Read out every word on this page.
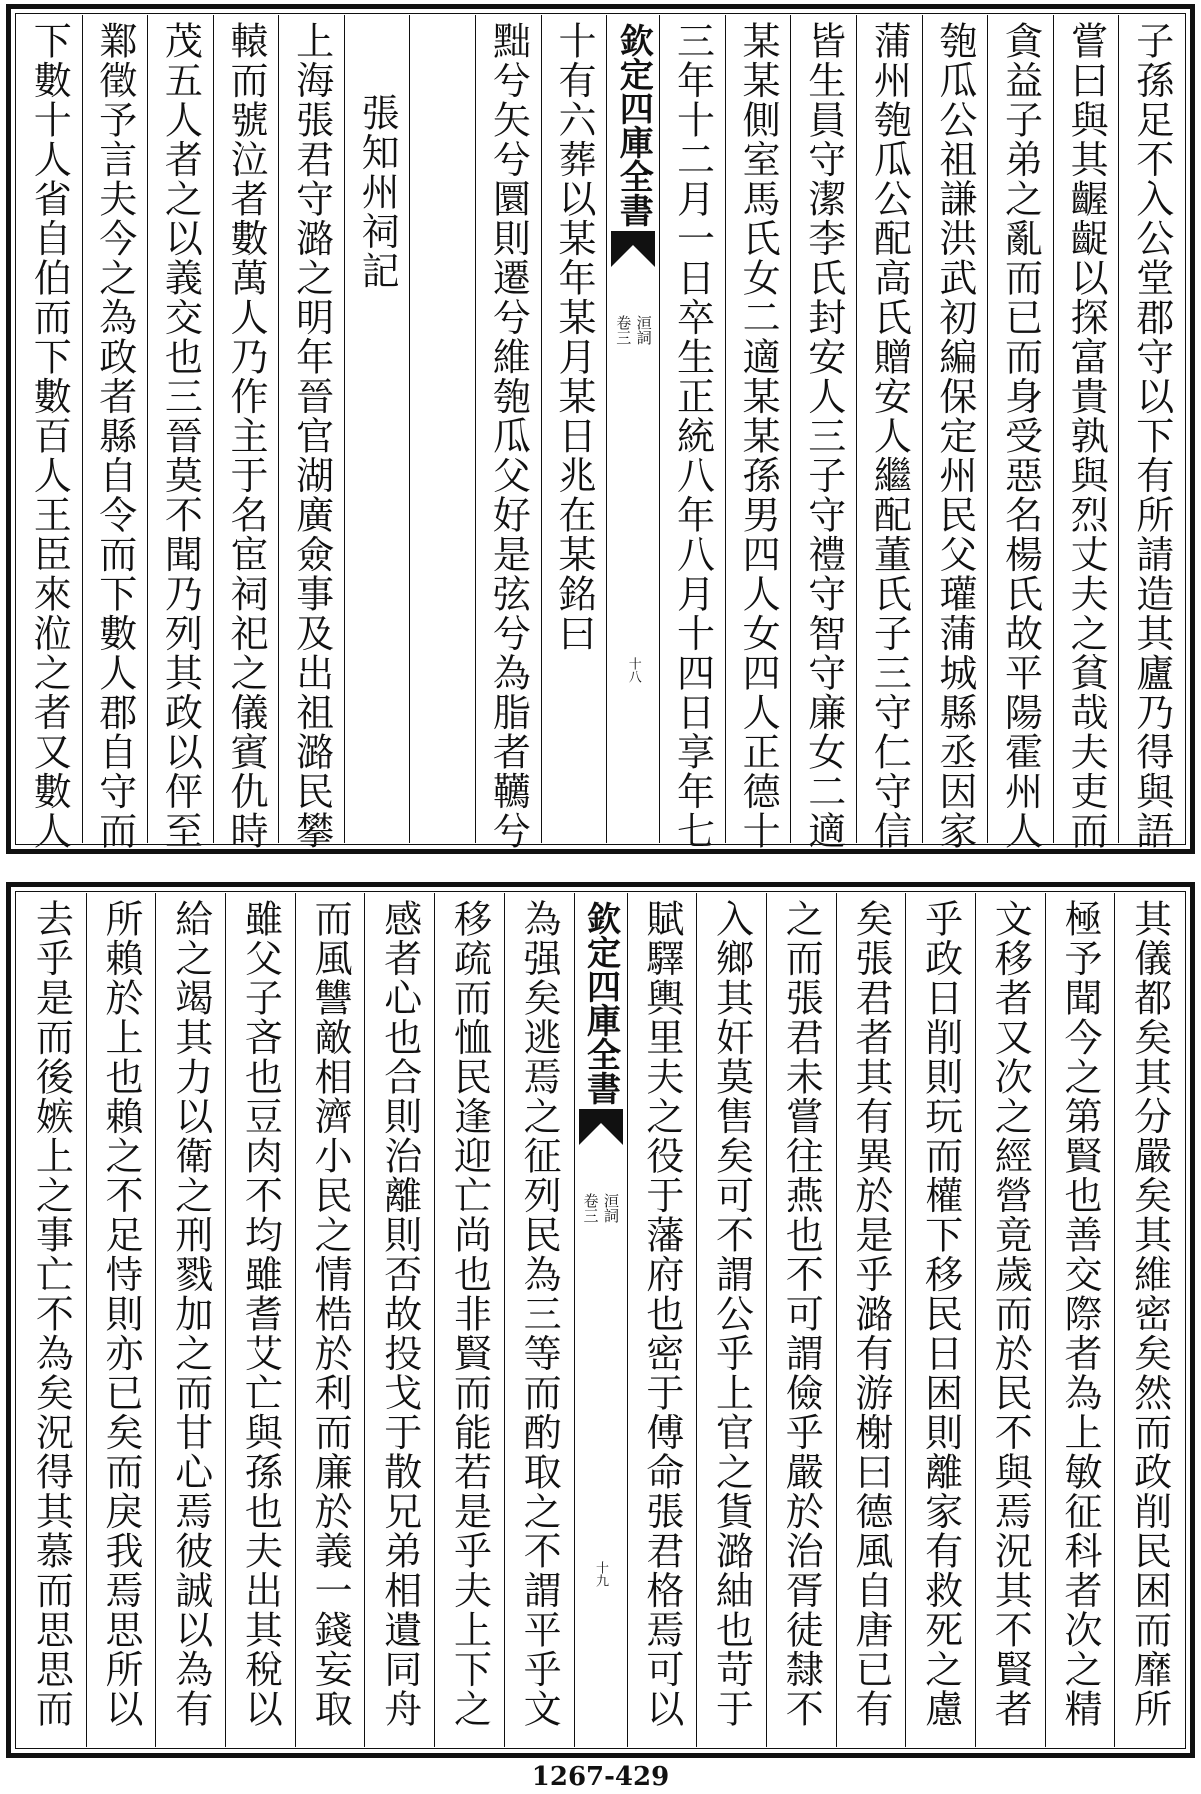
子孫足不入公堂郡守以下有所請造其廬乃得與語
嘗曰與其齷齪以探富貴孰與烈丈夫之貧哉夫吏而
貪益子弟之亂而已而身受惡名楊氏故平陽霍州人
匏瓜公祖謙洪武初編保定州民父瓘蒲城縣丞因家
蒲州匏瓜公配高氏贈安人繼配董氏子三守仁守信
皆生員守潔李氏封安人三子守禮守智守廉女二適
某某側室馬氏女二適某某孫男四人女四人正德十
三年十二月一日卒生正統八年八月十四日享年七
欽定四庫全書
洹詞
卷三
十八
十有六葬以某年某月某日兆在某銘曰
黜兮矢兮圜則遷兮維匏瓜父好是弦兮為脂者韉兮
張知州祠記
上海張君守潞之明年晉官湖廣僉事及出祖潞民攀
轅而號泣者數萬人乃作主于名宦祠祀之儀賓仇時
茂五人者之以義交也三晉莫不聞乃列其政以伻至
鄴徵予言夫今之為政者縣自令而下數人郡自守而
下數十人省自伯而下數百人王臣來涖之者又數人
其儀都矣其分嚴矣其維密矣然而政削民困而靡所
極予聞今之第賢也善交際者為上敏征科者次之精
文移者又次之經營竟歲而於民不與焉況其不賢者
乎政日削則玩而權下移民日困則離家有救死之慮
矣張君者其有異於是乎潞有游榭曰德風自唐已有
之而張君未嘗往燕也不可謂儉乎嚴於治胥徒隸不
入鄉其奸莫售矣可不謂公乎上官之貨潞紬也苛于
賦驛輿里夫之役于藩府也密于傅命張君格焉可以
欽定四庫全書
洹詞
卷三
十九
為强矣逃焉之征列民為三等而酌取之不謂平乎文
移疏而恤民逢迎亡尚也非賢而能若是乎夫上下之
感者心也合則治離則否故投戈于散兄弟相遺同舟
而風讐敵相濟小民之情梏於利而廉於義一錢妄取
雖父子吝也豆肉不均雖耆艾亡與孫也夫出其稅以
給之竭其力以衛之刑戮加之而甘心焉彼誠以為有
所賴於上也賴之不足恃則亦已矣而戾我焉思所以
去乎是而後嫉上之事亡不為矣況得其慕而思思而
1267-429
